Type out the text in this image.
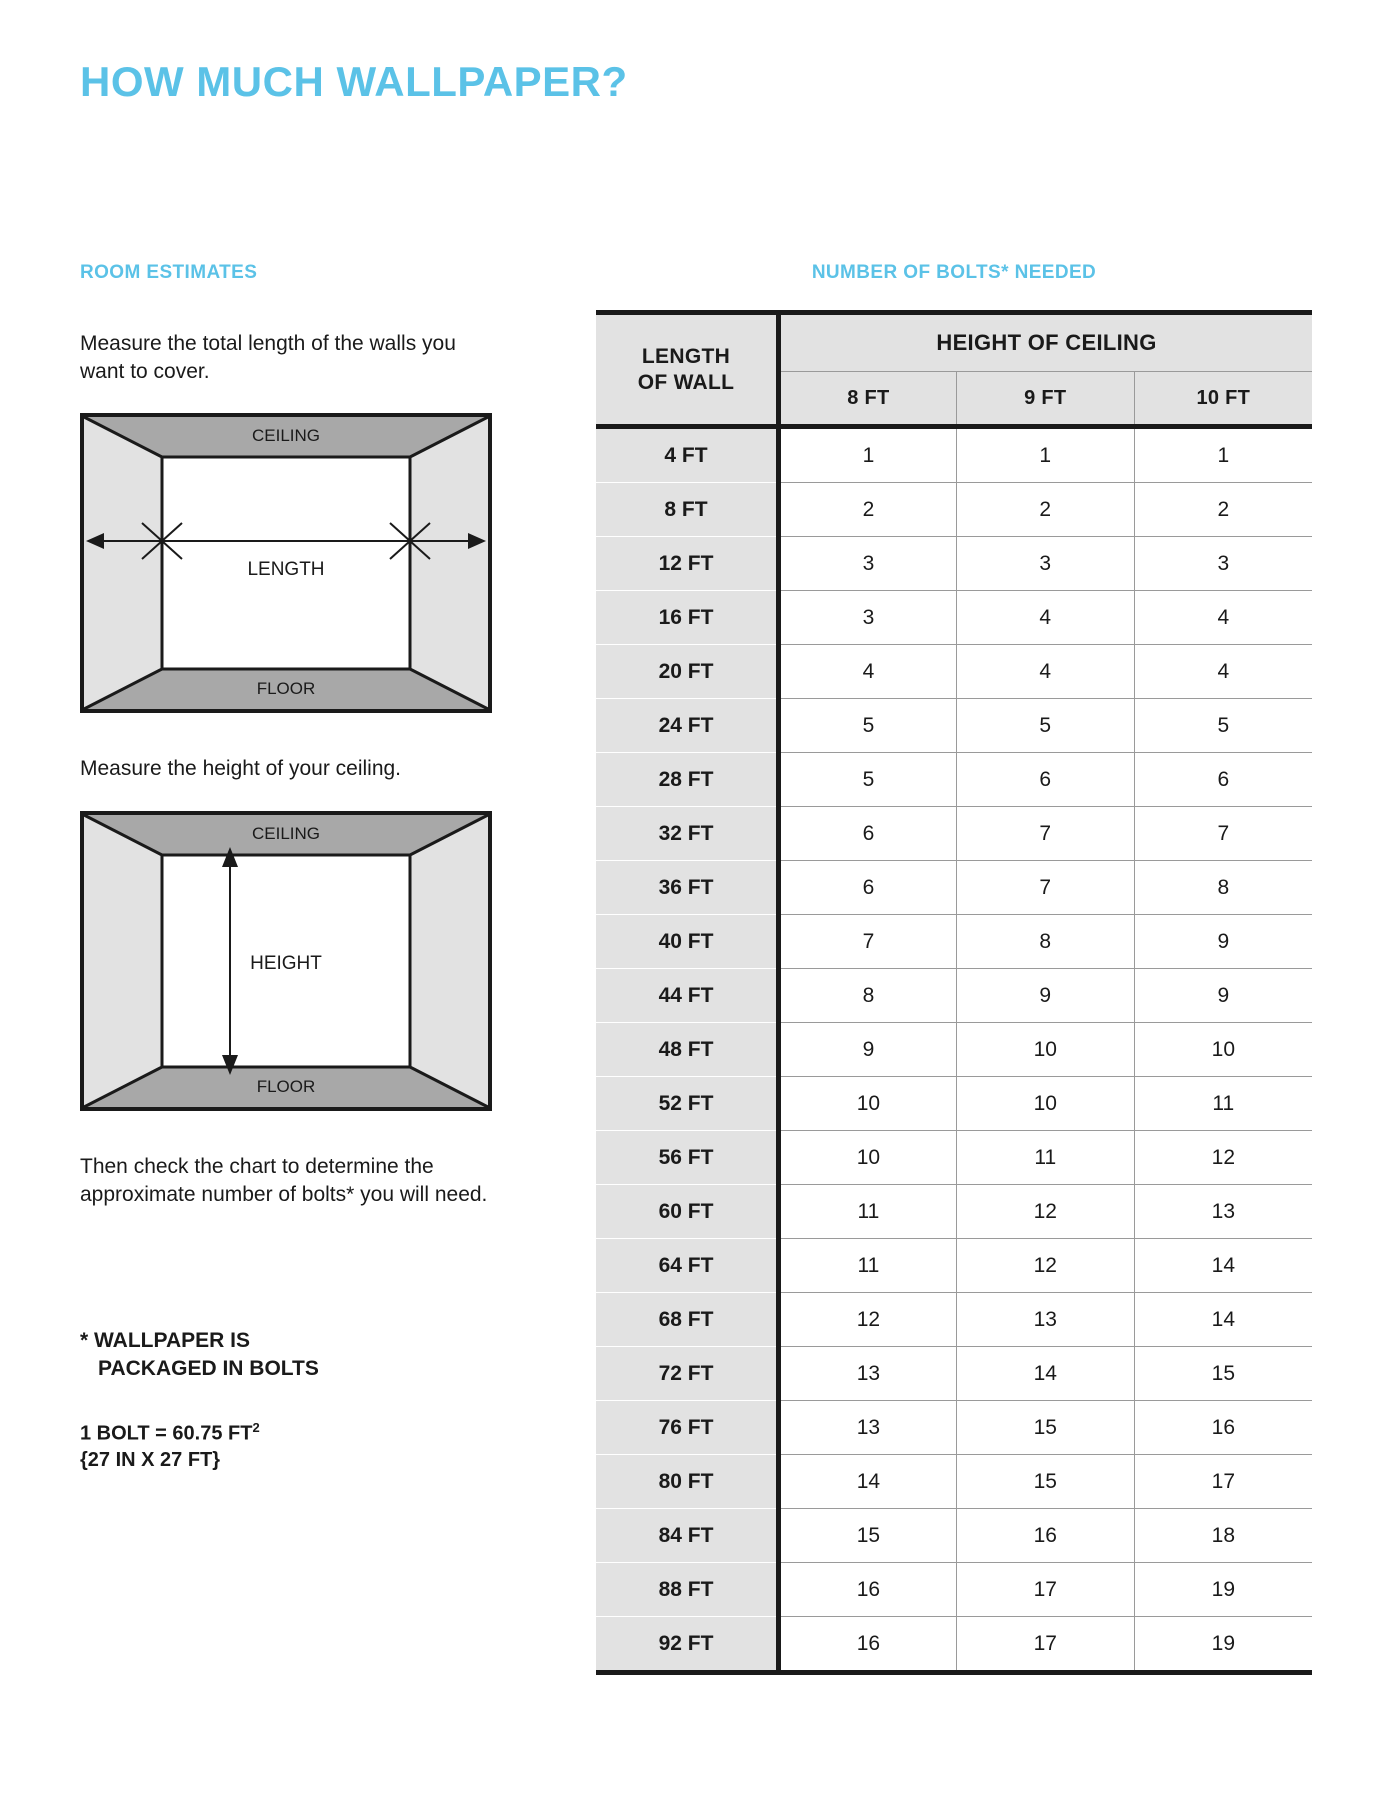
HOW MUCH WALLPAPER?
ROOM ESTIMATES
Measure the total length of the walls you want to cover.
CEILING
FLOOR
LENGTH
Measure the height of your ceiling.
CEILING
FLOOR
HEIGHT
Then check the chart to determine the approximate number of bolts* you will need.
* WALLPAPER IS
PACKAGED IN BOLTS
1 BOLT = 60.75 $FT^2$
{27 IN X 27 FT}
NUMBER OF BOLTS* NEEDED
LENGTH
OF WALL	HEIGHT OF CEILING		
	8 FT	9 FT	10 FT
4 FT	1	1	1
8 FT	2	2	2
12 FT	3	3	3
16 FT	3	4	4
20 FT	4	4	4
24 FT	5	5	5
28 FT	5	6	6
32 FT	6	7	7
36 FT	6	7	8
40 FT	7	8	9
44 FT	8	9	9
48 FT	9	10	10
52 FT	10	10	11
56 FT	10	11	12
60 FT	11	12	13
64 FT	11	12	14
68 FT	12	13	14
72 FT	13	14	15
76 FT	13	15	16
80 FT	14	15	17
84 FT	15	16	18
88 FT	16	17	19
92 FT	16	17	19
